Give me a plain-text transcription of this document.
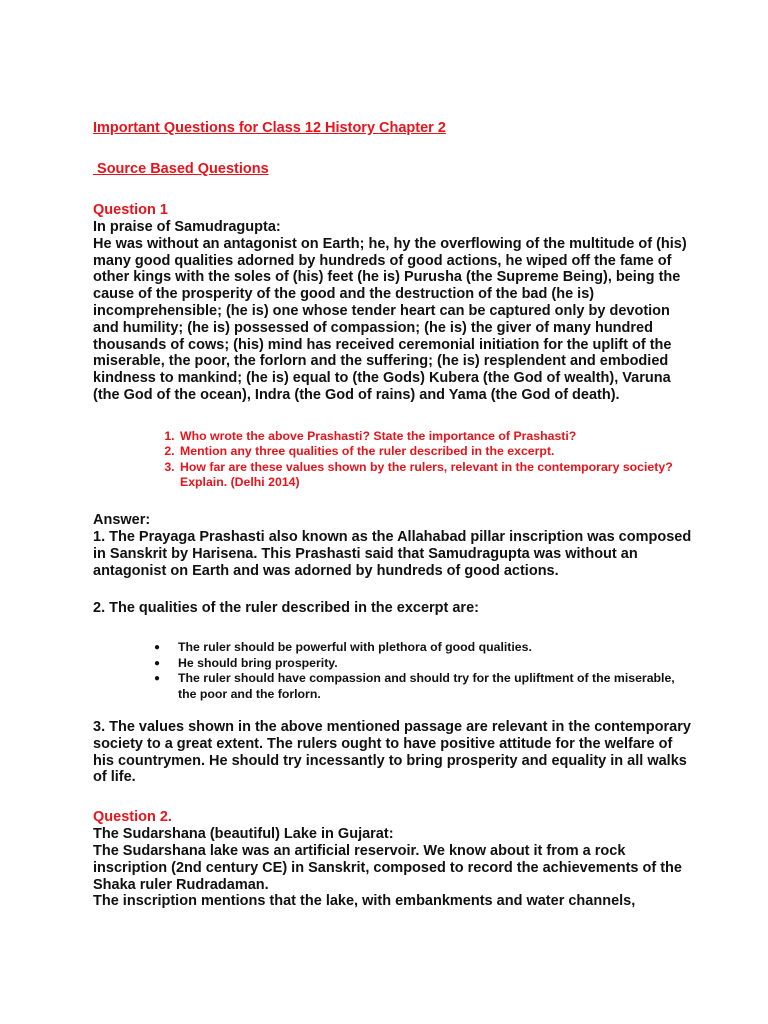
Important Questions for Class 12 History Chapter 2

Source Based Questions

Question 1

In praise of Samudragupta:

He was without an antagonist on Earth; he, hy the overflowing of the multitude of (his) many good qualities adorned by hundreds of good actions, he wiped off the fame of other kings with the soles of (his) feet (he is) Purusha (the Supreme Being), being the cause of the prosperity of the good and the destruction of the bad (he is) incomprehensible; (he is) one whose tender heart can be captured only by devotion and humility; (he is) possessed of compassion; (he is) the giver of many hundred thousands of cows; (his) mind has received ceremonial initiation for the uplift of the miserable, the poor, the forlorn and the suffering; (he is) resplendent and embodied kindness to mankind; (he is) equal to (the Gods) Kubera (the God of wealth), Varuna (the God of the ocean), Indra (the God of rains) and Yama (the God of death).

1. Who wrote the above Prashasti? State the importance of Prashasti?
2. Mention any three qualities of the ruler described in the excerpt.
3. How far are these values shown by the rulers, relevant in the contemporary society? Explain. (Delhi 2014)

Answer:

1. The Prayaga Prashasti also known as the Allahabad pillar inscription was composed in Sanskrit by Harisena. This Prashasti said that Samudragupta was without an antagonist on Earth and was adorned by hundreds of good actions.

2. The qualities of the ruler described in the excerpt are:

● The ruler should be powerful with plethora of good qualities.
● He should bring prosperity.
● The ruler should have compassion and should try for the upliftment of the miserable, the poor and the forlorn.

3. The values shown in the above mentioned passage are relevant in the contemporary society to a great extent. The rulers ought to have positive attitude for the welfare of his countrymen. He should try incessantly to bring prosperity and equality in all walks of life.

Question 2.

The Sudarshana (beautiful) Lake in Gujarat:

The Sudarshana lake was an artificial reservoir. We know about it from a rock inscription (2nd century CE) in Sanskrit, composed to record the achievements of the Shaka ruler Rudradaman.

The inscription mentions that the lake, with embankments and water channels,
